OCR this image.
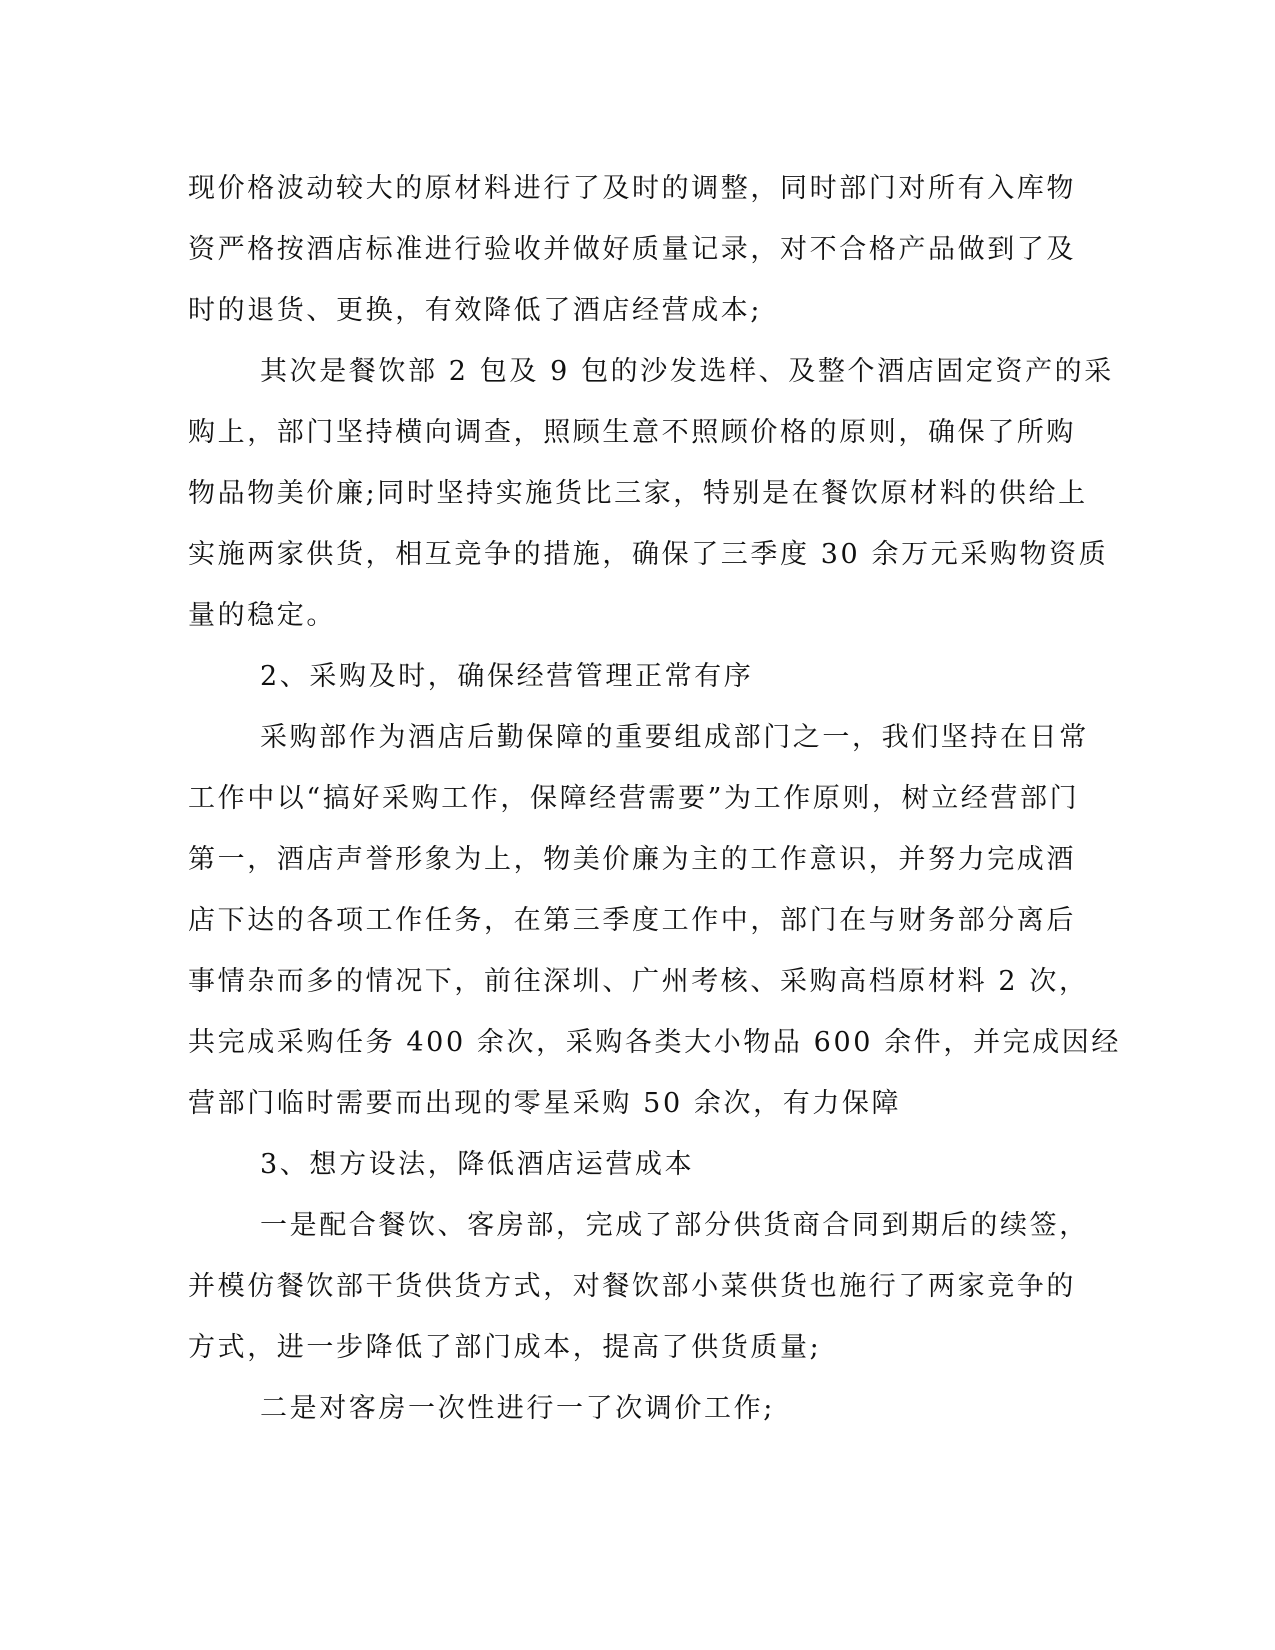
现价格波动较大的原材料进行了及时的调整，同时部门对所有入库物

资严格按酒店标准进行验收并做好质量记录，对不合格产品做到了及

时的退货、更换，有效降低了酒店经营成本;

其次是餐饮部 2 包及 9 包的沙发选样、及整个酒店固定资产的采

购上，部门坚持横向调查，照顾生意不照顾价格的原则，确保了所购

物品物美价廉;同时坚持实施货比三家，特别是在餐饮原材料的供给上

实施两家供货，相互竞争的措施，确保了三季度 30 余万元采购物资质

量的稳定。

2、采购及时，确保经营管理正常有序

采购部作为酒店后勤保障的重要组成部门之一，我们坚持在日常

工作中以“搞好采购工作，保障经营需要”为工作原则，树立经营部门

第一，酒店声誉形象为上，物美价廉为主的工作意识，并努力完成酒

店下达的各项工作任务，在第三季度工作中，部门在与财务部分离后

事情杂而多的情况下，前往深圳、广州考核、采购高档原材料 2 次，

共完成采购任务 400 余次，采购各类大小物品 600 余件，并完成因经

营部门临时需要而出现的零星采购 50 余次，有力保障

3、想方设法，降低酒店运营成本

一是配合餐饮、客房部，完成了部分供货商合同到期后的续签，

并模仿餐饮部干货供货方式，对餐饮部小菜供货也施行了两家竞争的

方式，进一步降低了部门成本，提高了供货质量;

二是对客房一次性进行一了次调价工作;
